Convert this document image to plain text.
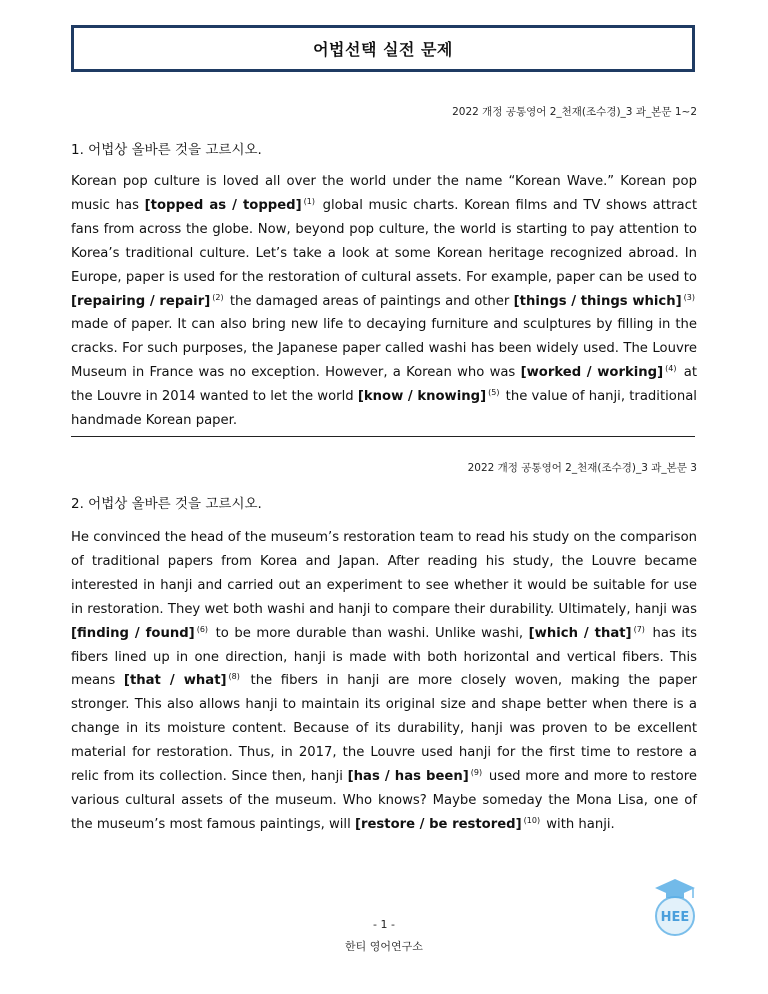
어법선택 실전 문제
2022 개정 공통영어 2_천재(조수경)_3 과_본문 1~2
1. 어법상 올바른 것을 고르시오.

Korean pop culture is loved all over the world under the name “Korean Wave.” Korean pop music has [topped as / topped] $^{(1)}$ global music charts. Korean films and TV shows attract fans from across the globe. Now, beyond pop culture, the world is starting to pay attention to Korea’s traditional culture. Let’s take a look at some Korean heritage recognized abroad. In Europe, paper is used for the restoration of cultural assets. For example, paper can be used to [repairing / repair] $^{(2)}$ the damaged areas of paintings and other [things / things which] $^{(3)}$ made of paper. It can also bring new life to decaying furniture and sculptures by filling in the cracks. For such purposes, the Japanese paper called washi has been widely used. The Louvre Museum in France was no exception. However, a Korean who was [worked / working] $^{(4)}$ at the Louvre in 2014 wanted to let the world [know / knowing] $^{(5)}$ the value of hanji, traditional handmade Korean paper.

2022 개정 공통영어 2_천재(조수경)_3 과_본문 3
2. 어법상 올바른 것을 고르시오.

He convinced the head of the museum’s restoration team to read his study on the comparison of traditional papers from Korea and Japan. After reading his study, the Louvre became interested in hanji and carried out an experiment to see whether it would be suitable for use in restoration. They wet both washi and hanji to compare their durability. Ultimately, hanji was [finding / found] $^{(6)}$ to be more durable than washi. Unlike washi, [which / that] $^{(7)}$ has its fibers lined up in one direction, hanji is made with both horizontal and vertical fibers. This means [that / what] $^{(8)}$ the fibers in hanji are more closely woven, making the paper stronger. This also allows hanji to maintain its original size and shape better when there is a change in its moisture content. Because of its durability, hanji was proven to be excellent material for restoration. Thus, in 2017, the Louvre used hanji for the first time to restore a relic from its collection. Since then, hanji [has / has been] $^{(9)}$ used more and more to restore various cultural assets of the museum. Who knows? Maybe someday the Mona Lisa, one of the museum’s most famous paintings, will [restore / be restored] $^{(10)}$ with hanji.

- 1 -
한티 영어연구소
HEE
